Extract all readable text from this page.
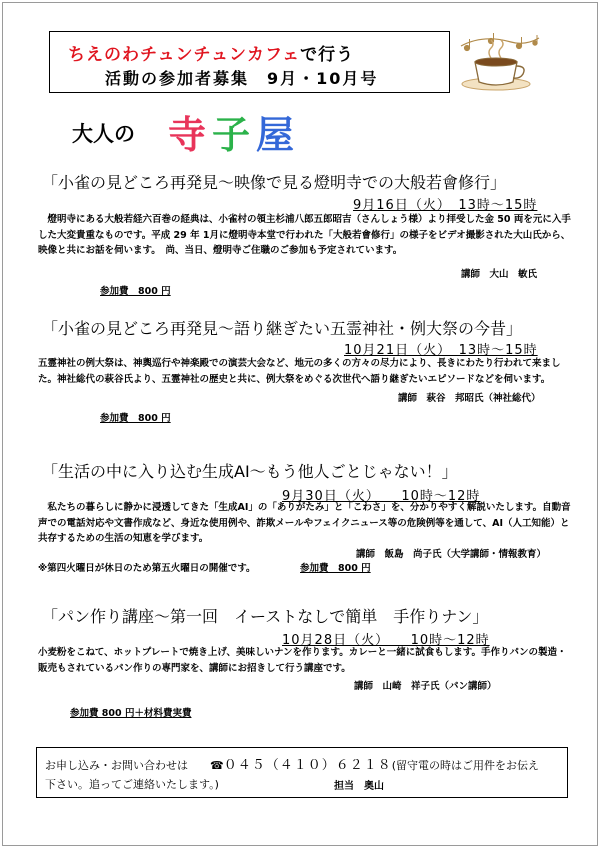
ちえのわチュンチュンカフェで行う
活動の参加者募集　9月・10月号
大人の 寺子屋
「小雀の見どころ再発見～映像で見る燈明寺での大般若會修行」
9月16日（火）　13時～15時
　燈明寺にある大般若経六百巻の経典は、小雀村の領主杉浦八郎五郎昭吉（さんしょう様）より拝受した金 50 両を元に入手した大変貴重なものです。平成 29 年 1月に燈明寺本堂で行われた「大般若會修行」の様子をビデオ撮影された大山氏から、映像と共にお話を伺います。　尚、当日、燈明寺ご住職のご参加も予定されています。
講師　大山　敏氏
参加費　800 円
「小雀の見どころ再発見～語り継ぎたい五霊神社・例大祭の今昔」
10月21日（火）　13時～15時
五霊神社の例大祭は、神輿巡行や神楽殿での演芸大会など、地元の多くの方々の尽力により、長きにわたり行われて来ました。神社総代の萩谷氏より、五霊神社の歴史と共に、例大祭をめぐる次世代へ語り継ぎたいエピソードなどを伺います。
講師　萩谷　邦昭氏（神社総代）
参加費　800 円
「生活の中に入り込む生成AI～もう他人ごとじゃない！」
9月30日（火）　　10時～12時
　私たちの暮らしに静かに浸透してきた「生成AI」の「ありがたみ」と「こわさ」を、分かりやすく解説いたします。自動音声での電話対応や文書作成など、身近な使用例や、詐欺メールやフェイクニュース等の危険例等を通して、AI（人工知能）と共存するための生活の知恵を学びます。
講師　飯島　尚子氏（大学講師・情報教育）
※第四火曜日が休日のため第五火曜日の開催です。	参加費　800 円
「パン作り講座～第一回　イーストなしで簡単　手作りナン」
10月28日（火）　　10時～12時
小麦粉をこねて、ホットプレートで焼き上げ、美味しいナンを作ります。カレーと一緒に試食もします。手作りパンの製造・販売もされているパン作りの専門家を、講師にお招きして行う講座です。
講師　山崎　祥子氏（パン講師）
参加費 800 円＋材料費実費
お申し込み・お問い合わせは　　☎０４５（４１０）６２１８(留守電の時はご用件をお伝え
下さい。追ってご連絡いたします。)	担当　奥山
